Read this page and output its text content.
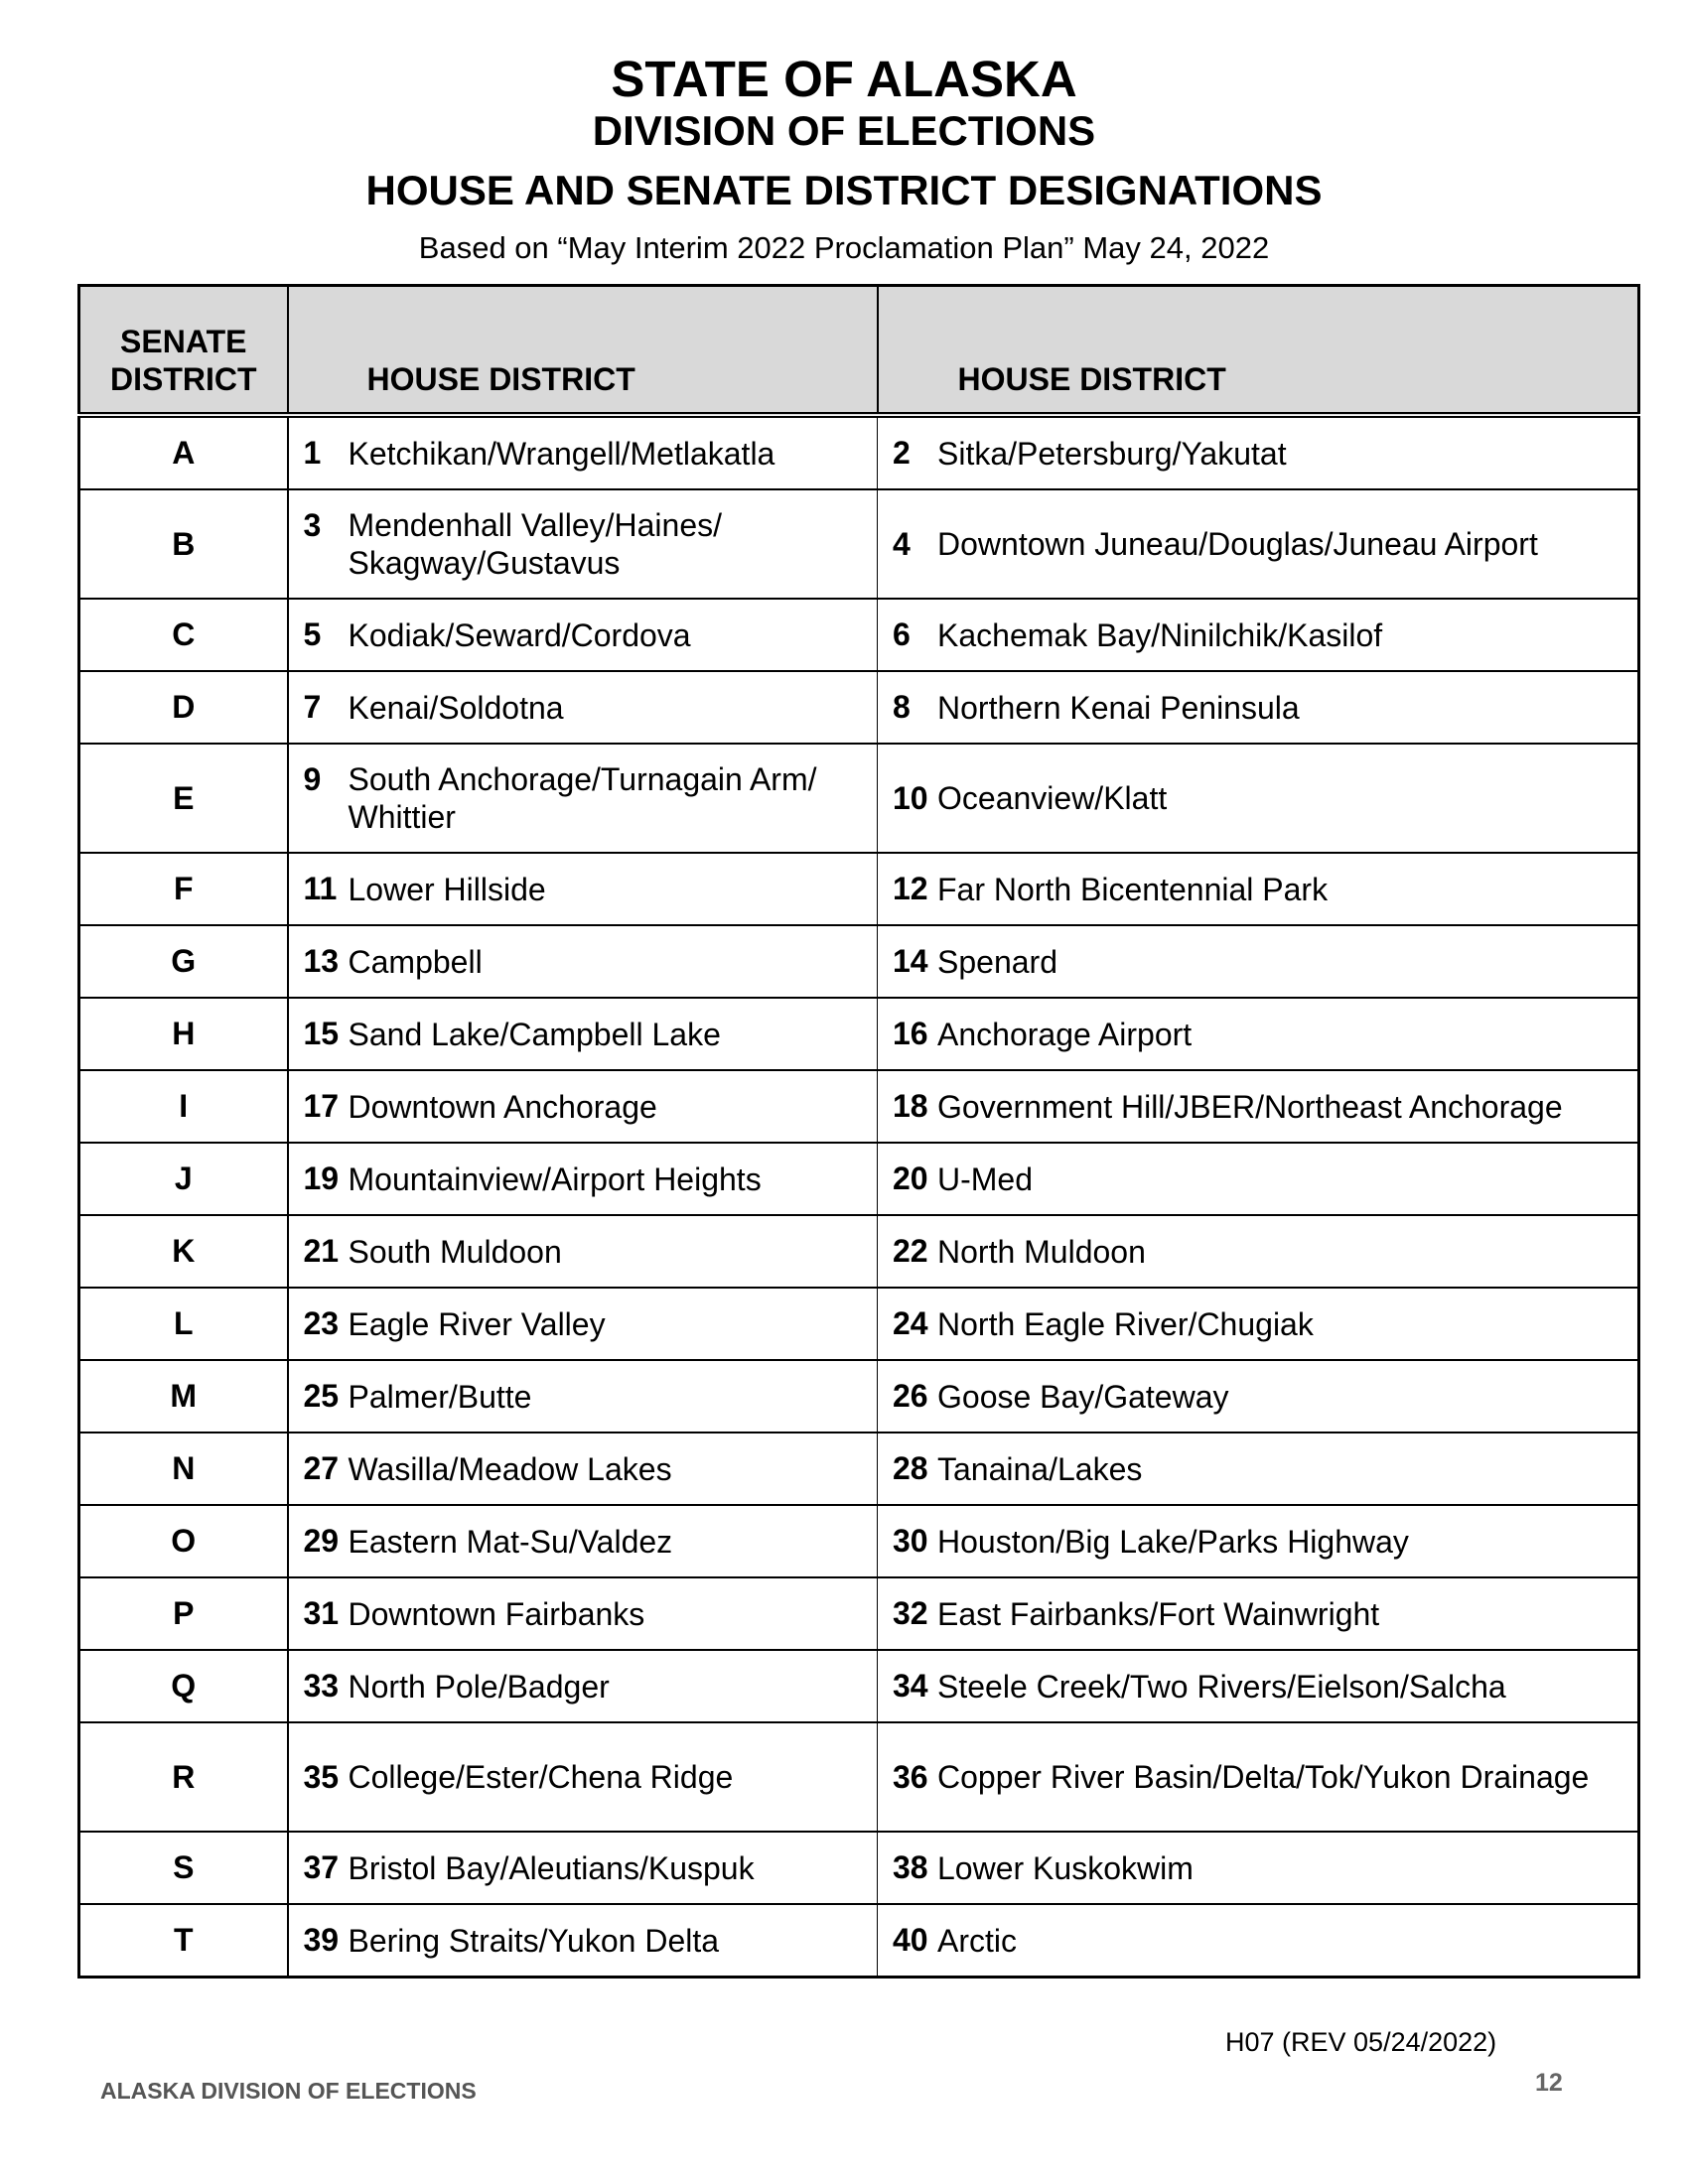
STATE OF ALASKA
DIVISION OF ELECTIONS
HOUSE AND SENATE DISTRICT DESIGNATIONS
Based on “May Interim 2022 Proclamation Plan” May 24, 2022
SENATE
DISTRICT	HOUSE DISTRICT	HOUSE DISTRICT
A	1 Ketchikan/Wrangell/Metlakatla	2 Sitka/Petersburg/Yakutat

B	3 Mendenhall Valley/Haines/ Skagway/Gustavus	4 Downtown Juneau/Douglas/Juneau Airport

C	5 Kodiak/Seward/Cordova	6 Kachemak Bay/Ninilchik/Kasilof

D	7 Kenai/Soldotna	8 Northern Kenai Peninsula

E	9 South Anchorage/Turnagain Arm/ Whittier	10 Oceanview/Klatt

F	11 Lower Hillside	12 Far North Bicentennial Park

G	13 Campbell	14 Spenard

H	15 Sand Lake/Campbell Lake	16 Anchorage Airport

I	17 Downtown Anchorage	18 Government Hill/JBER/Northeast Anchorage

J	19 Mountainview/Airport Heights	20 U-Med

K	21 South Muldoon	22 North Muldoon

L	23 Eagle River Valley	24 North Eagle River/Chugiak

M	25 Palmer/Butte	26 Goose Bay/Gateway

N	27 Wasilla/Meadow Lakes	28 Tanaina/Lakes

O	29 Eastern Mat-Su/Valdez	30 Houston/Big Lake/Parks Highway

P	31 Downtown Fairbanks	32 East Fairbanks/Fort Wainwright

Q	33 North Pole/Badger	34 Steele Creek/Two Rivers/Eielson/Salcha

R	35 College/Ester/Chena Ridge	36 Copper River Basin/Delta/Tok/Yukon Drainage

S	37 Bristol Bay/Aleutians/Kuspuk	38 Lower Kuskokwim

T	39 Bering Straits/Yukon Delta	40 Arctic
H07 (REV 05/24/2022)
ALASKA DIVISION OF ELECTIONS	12
